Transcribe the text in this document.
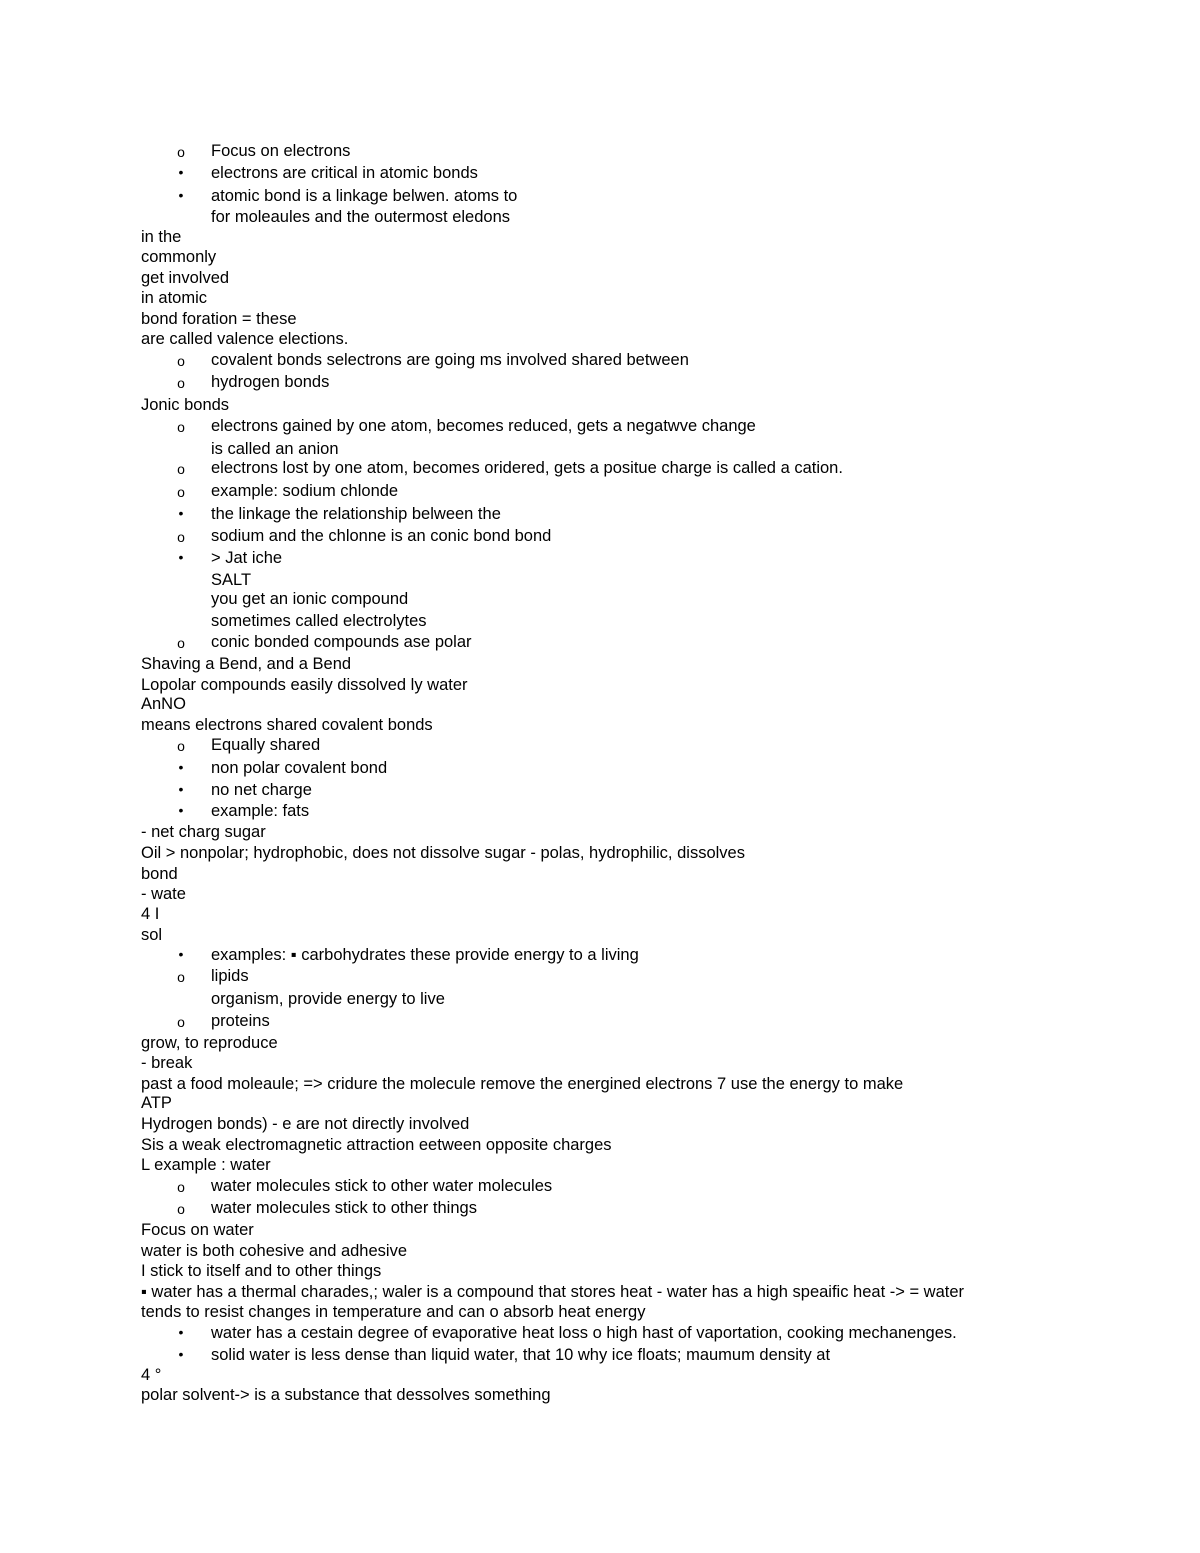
o Focus on electrons
•	electrons are critical in atomic bonds
•	atomic bond is a linkage belwen. atoms to
for moleaules and the outermost eledons
in the
commonly
get involved
in atomic
bond foration = these
are called valence elections.
o covalent bonds selectrons are going ms involved shared between
o hydrogen bonds
Jonic bonds
o electrons gained by one atom, becomes reduced, gets a negatwve change
is called an anion
o electrons lost by one atom, becomes oridered, gets a positue charge is called a cation.
o example: sodium chlonde
•	the linkage the relationship belween the
o sodium and the chlonne is an conic bond bond
•	> Jat iche
SALT
you get an ionic compound
sometimes called electrolytes
o conic bonded compounds ase polar
Shaving a Bend, and a Bend
Lopolar compounds easily dissolved ly water
AnNO
means electrons shared covalent bonds
o Equally shared
•	non polar covalent bond
•	no net charge
•	example: fats
- net charg sugar
Oil > nonpolar; hydrophobic, does not dissolve sugar - polas, hydrophilic, dissolves
bond
- wate
4 I
sol
•	examples: ▪ carbohydrates these provide energy to a living
o lipids
organism, provide energy to live
o proteins
grow, to reproduce
- break
past a food moleaule; => cridure the molecule remove the energined electrons 7 use the energy to make
ATP
Hydrogen bonds) - e are not directly involved
Sis a weak electromagnetic attraction eetween opposite charges
L example : water
o water molecules stick to other water molecules
o water molecules stick to other things
Focus on water
water is both cohesive and adhesive
I stick to itself and to other things
▪ water has a thermal charades,; waler is a compound that stores heat - water has a high speaific heat -> = water
tends to resist changes in temperature and can o absorb heat energy
•	water has a cestain degree of evaporative heat loss o high hast of vaportation, cooking mechanenges.
•	solid water is less dense than liquid water, that 10 why ice floats; maumum density at
4 °
polar solvent-> is a substance that dessolves something
